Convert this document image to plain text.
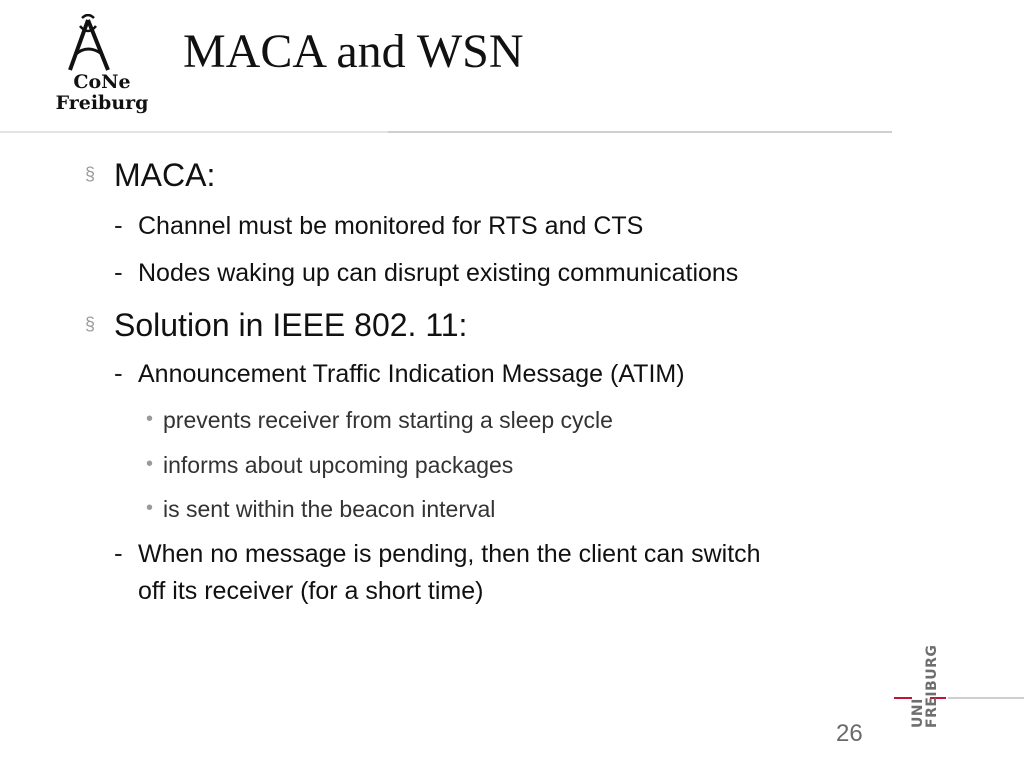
CoNe
Freiburg
MACA and WSN
§ MACA:
- Channel must be monitored for RTS and CTS
- Nodes waking up can disrupt existing communications
§ Solution in IEEE 802. 11:
- Announcement Traffic Indication Message (ATIM)
• prevents receiver from starting a sleep cycle
• informs about upcoming packages
• is sent within the beacon interval
- When no message is pending, then the client can switch
off its receiver (for a short time)
26
UNI
FREIBURG
